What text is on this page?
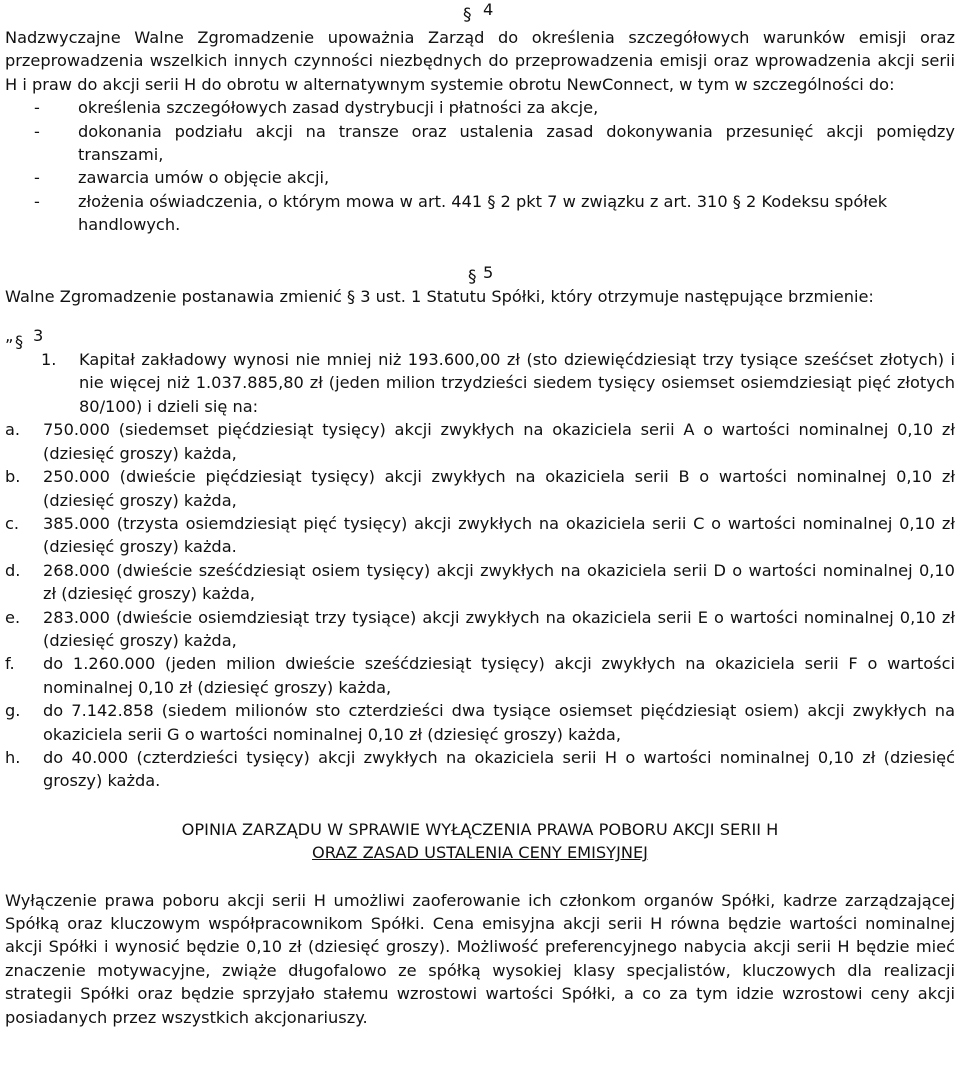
§ 4
Nadzwyczajne Walne Zgromadzenie upoważnia Zarząd do określenia szczegółowych warunków emisji oraz przeprowadzenia wszelkich innych czynności niezbędnych do przeprowadzenia emisji oraz wprowadzenia akcji serii H i praw do akcji serii H do obrotu w alternatywnym systemie obrotu NewConnect, w tym w szczególności do:
-	określenia szczegółowych zasad dystrybucji i płatności za akcje,
-	dokonania podziału akcji na transze oraz ustalenia zasad dokonywania przesunięć akcji pomiędzy transzami,
-	zawarcia umów o objęcie akcji,
-	złożenia oświadczenia, o którym mowa w art. 441 § 2 pkt 7 w związku z art. 310 § 2 Kodeksu spółek handlowych.
§ 5
Walne Zgromadzenie postanawia zmienić § 3 ust. 1 Statutu Spółki, który otrzymuje następujące brzmienie:
„ § 3
1.	Kapitał zakładowy wynosi nie mniej niż 193.600,00 zł (sto dziewięćdziesiąt trzy tysiące sześćset złotych) i nie więcej niż 1.037.885,80 zł (jeden milion trzydzieści siedem tysięcy osiemset osiemdziesiąt pięć złotych 80/100) i dzieli się na:
a.	750.000 (siedemset pięćdziesiąt tysięcy) akcji zwykłych na okaziciela serii A o wartości nominalnej 0,10 zł (dziesięć groszy) każda,
b.	250.000 (dwieście pięćdziesiąt tysięcy) akcji zwykłych na okaziciela serii B o wartości nominalnej 0,10 zł (dziesięć groszy) każda,
c.	385.000 (trzysta osiemdziesiąt pięć tysięcy) akcji zwykłych na okaziciela serii C o wartości nominalnej 0,10 zł (dziesięć groszy) każda.
d.	268.000 (dwieście sześćdziesiąt osiem tysięcy) akcji zwykłych na okaziciela serii D o wartości nominalnej 0,10 zł (dziesięć groszy) każda,
e.	283.000 (dwieście osiemdziesiąt trzy tysiące) akcji zwykłych na okaziciela serii E o wartości nominalnej 0,10 zł (dziesięć groszy) każda,
f.	do 1.260.000 (jeden milion dwieście sześćdziesiąt tysięcy) akcji zwykłych na okaziciela serii F o wartości nominalnej 0,10 zł (dziesięć groszy) każda,
g.	do 7.142.858 (siedem milionów sto czterdzieści dwa tysiące osiemset pięćdziesiąt osiem) akcji zwykłych na okaziciela serii G o wartości nominalnej 0,10 zł (dziesięć groszy) każda,
h.	do 40.000 (czterdzieści tysięcy) akcji zwykłych na okaziciela serii H o wartości nominalnej 0,10 zł (dziesięć groszy) każda.
OPINIA ZARZĄDU W SPRAWIE WYŁĄCZENIA PRAWA POBORU AKCJI SERII H
ORAZ ZASAD USTALENIA CENY EMISYJNEJ
Wyłączenie prawa poboru akcji serii H umożliwi zaoferowanie ich członkom organów Spółki, kadrze zarządzającej Spółką oraz kluczowym współpracownikom Spółki. Cena emisyjna akcji serii H równa będzie wartości nominalnej akcji Spółki i wynosić będzie 0,10 zł (dziesięć groszy). Możliwość preferencyjnego nabycia akcji serii H będzie mieć znaczenie motywacyjne, zwiąże długofalowo ze spółką wysokiej klasy specjalistów, kluczowych dla realizacji strategii Spółki oraz będzie sprzyjało stałemu wzrostowi wartości Spółki, a co za tym idzie wzrostowi ceny akcji posiadanych przez wszystkich akcjonariuszy.
